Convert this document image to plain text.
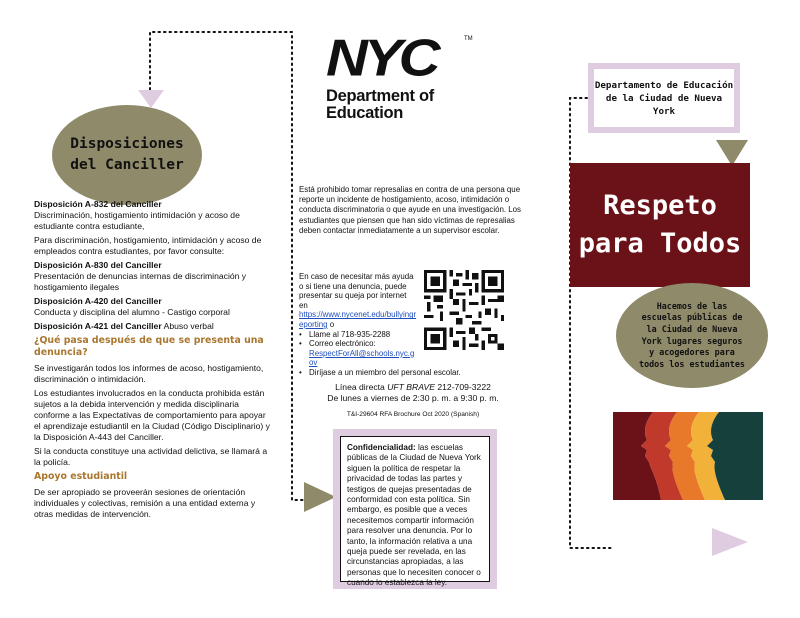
Disposiciones
del Canciller

Disposición A-832 del Canciller
Discriminación, hostigamiento intimidación y acoso de estudiante contra estudiante,

Para discriminación, hostigamiento, intimidación y acoso de empleados contra estudiantes, por favor consulte:

Disposición A-830 del Canciller
Presentación de denuncias internas de discriminación y hostigamiento ilegales

Disposición A-420 del Canciller
Conducta y disciplina del alumno - Castigo corporal

Disposición A-421 del Canciller Abuso verbal

¿Qué pasa después de que se presenta una denuncia?

Se investigarán todos los informes de acoso, hostigamiento, discriminación o intimidación.

Los estudiantes involucrados en la conducta prohibida están sujetos a la debida intervención y medida disciplinaria conforme a las Expectativas de comportamiento para apoyar el aprendizaje estudiantil en la Ciudad (Código Disciplinario) y la Disposición A-443 del Canciller.

Si la conducta constituye una actividad delictiva, se llamará a la policía.

Apoyo estudiantil

De ser apropiado se proveerán sesiones de orientación individuales y colectivas, remisión a una entidad externa y otras medidas de intervención.

NYC	TM
Department of
Education

Está prohibido tomar represalias en contra de una persona que reporte un incidente de hostigamiento, acoso, intimidación o conducta discriminatoria o que ayude en una investigación. Los estudiantes que piensen que han sido víctimas de represalias deben contactar inmediatamente a un supervisor escolar.

En caso de necesitar más ayuda o si tiene una denuncia, puede presentar su queja por internet en

https://www.nycenet.edu/bullyingreporting o

• Llame al 718-935-2288
• Correo electrónico:
RespectForAll@schools.nyc.gov
• Diríjase a un miembro del personal escolar.
Línea directa UFT BRAVE 212-709-3222
De lunes a viernes de 2:30 p. m. a 9:30 p. m.
T&I-29604 RFA Brochure Oct 2020 (Spanish)
Confidencialidad: las escuelas públicas de la Ciudad de Nueva York siguen la política de respetar la privacidad de todas las partes y testigos de quejas presentadas de conformidad con esta política. Sin embargo, es posible que a veces necesitemos compartir información para resolver una denuncia. Por lo tanto, la información relativa a una queja puede ser revelada, en las circunstancias apropiadas, a las personas que lo necesiten conocer o cuando lo establezca la ley.
Departamento de Educación
de la Ciudad de Nueva York
Respeto
para Todos
Hacemos de las
escuelas públicas de
la Ciudad de Nueva
York lugares seguros
y acogedores para
todos los estudiantes
